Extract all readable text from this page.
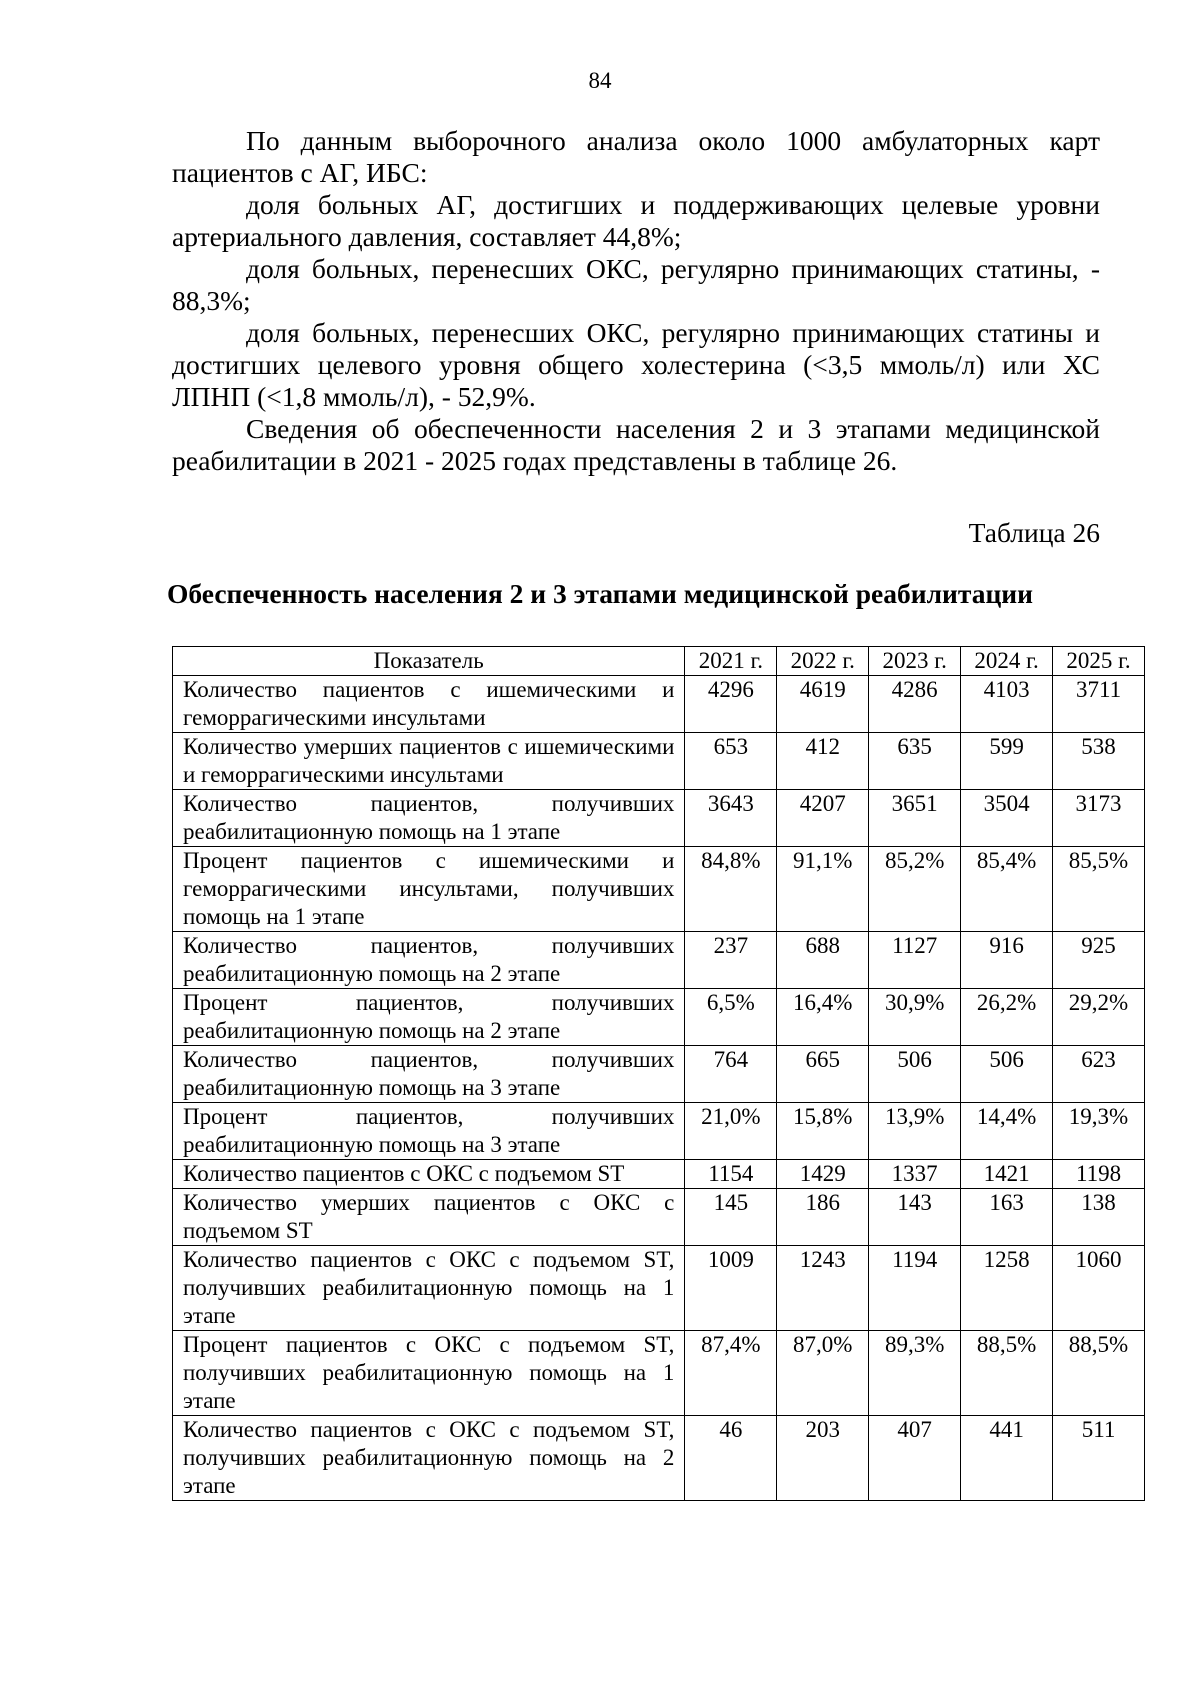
84

По данным выборочного анализа около 1000 амбулаторных карт пациентов с АГ, ИБС:

доля больных АГ, достигших и поддерживающих целевые уровни артериального давления, составляет 44,8%;

доля больных, перенесших ОКС, регулярно принимающих статины, - 88,3%;

доля больных, перенесших ОКС, регулярно принимающих статины и достигших целевого уровня общего холестерина (<3,5 ммоль/л) или ХС ЛПНП (<1,8 ммоль/л), - 52,9%.

Сведения об обеспеченности населения 2 и 3 этапами медицинской реабилитации в 2021 - 2025 годах представлены в таблице 26.

Таблица 26
Обеспеченность населения 2 и 3 этапами медицинской реабилитации
Показатель	2021 г.	2022 г.	2023 г.	2024 г.	2025 г.
Количество пациентов с ишемическими и геморрагическими инсультами	4296	4619	4286	4103	3711
Количество умерших пациентов с ишемическими и геморрагическими инсультами	653	412	635	599	538
Количество пациентов, получивших реабилитационную помощь на 1 этапе	3643	4207	3651	3504	3173
Процент пациентов с ишемическими и геморрагическими инсультами, получивших помощь на 1 этапе	84,8%	91,1%	85,2%	85,4%	85,5%
Количество пациентов, получивших реабилитационную помощь на 2 этапе	237	688	1127	916	925
Процент пациентов, получивших реабилитационную помощь на 2 этапе	6,5%	16,4%	30,9%	26,2%	29,2%
Количество пациентов, получивших реабилитационную помощь на 3 этапе	764	665	506	506	623
Процент пациентов, получивших реабилитационную помощь на 3 этапе	21,0%	15,8%	13,9%	14,4%	19,3%
Количество пациентов с ОКС с подъемом ST	1154	1429	1337	1421	1198
Количество умерших пациентов с ОКС с подъемом ST	145	186	143	163	138
Количество пациентов с ОКС с подъемом ST, получивших реабилитационную помощь на 1 этапе	1009	1243	1194	1258	1060
Процент пациентов с ОКС с подъемом ST, получивших реабилитационную помощь на 1 этапе	87,4%	87,0%	89,3%	88,5%	88,5%
Количество пациентов с ОКС с подъемом ST, получивших реабилитационную помощь на 2 этапе	46	203	407	441	511
